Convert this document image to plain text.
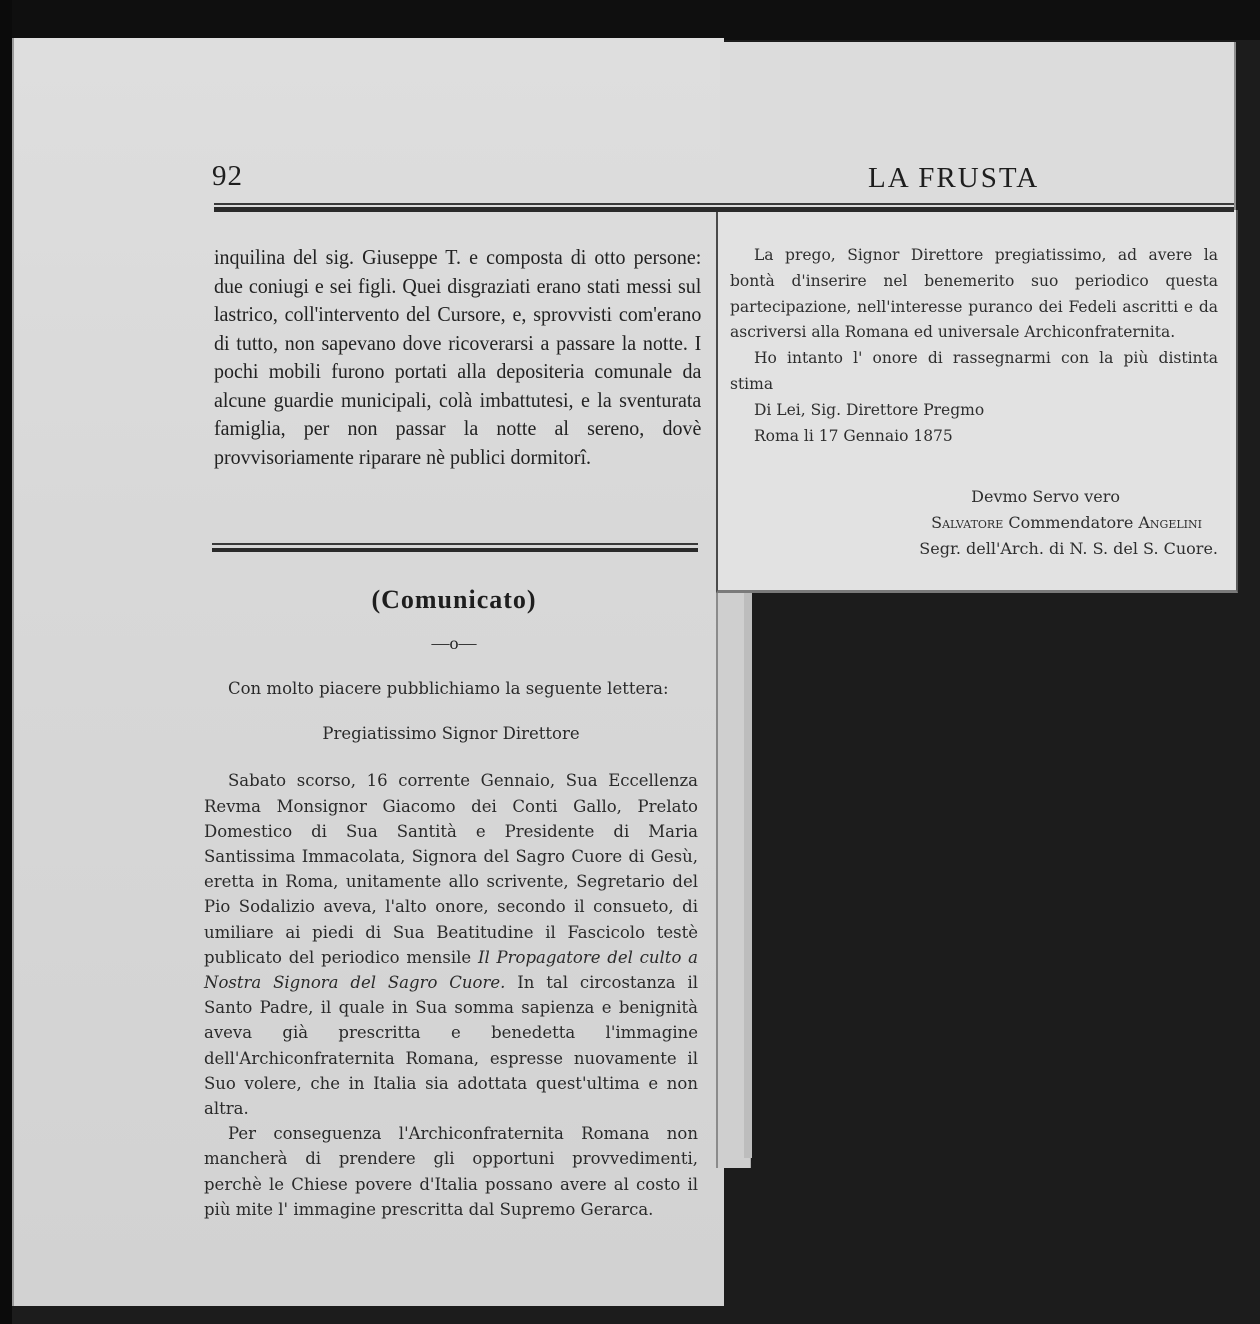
92	LA FRUSTA
inquilina del sig. Giuseppe T. e composta di otto persone: due coniugi e sei figli. Quei disgraziati erano stati messi sul lastrico, coll'intervento del Cursore, e, sprovvisti com'erano di tutto, non sapevano dove ricoverarsi a passare la notte. I pochi mobili furono portati alla depositeria comunale da alcune guardie municipali, colà imbattutesi, e la sventurata famiglia, per non passar la notte al sereno, dovè provvisoriamente riparare nè publici dormitorî.
(Comunicato)
—o—

Con molto piacere pubblichiamo la seguente lettera:

Pregiatissimo Signor Direttore

Sabato scorso, 16 corrente Gennaio, Sua Eccellenza Revma Monsignor Giacomo dei Conti Gallo, Prelato Domestico di Sua Santità e Presidente di Maria Santissima Immacolata, Signora del Sagro Cuore di Gesù, eretta in Roma, unitamente allo scrivente, Segretario del Pio Sodalizio aveva, l'alto onore, secondo il consueto, di umiliare ai piedi di Sua Beatitudine il Fascicolo testè publicato del periodico mensile Il Propagatore del culto a Nostra Signora del Sagro Cuore. In tal circostanza il Santo Padre, il quale in Sua somma sapienza e benignità aveva già prescritta e benedetta l'immagine dell'Archiconfraternita Romana, espresse nuovamente il Suo volere, che in Italia sia adottata quest'ultima e non altra.

Per conseguenza l'Archiconfraternita Romana non mancherà di prendere gli opportuni provvedimenti, perchè le Chiese povere d'Italia possano avere al costo il più mite l' immagine prescritta dal Supremo Gerarca.

La prego, Signor Direttore pregiatissimo, ad avere la bontà d'inserire nel benemerito suo periodico questa partecipazione, nell'interesse puranco dei Fedeli ascritti e da ascriversi alla Romana ed universale Archiconfraternita.

Ho intanto l' onore di rassegnarmi con la più distinta stima

Di Lei, Sig. Direttore Pregmo

Roma li 17 Gennaio 1875

Devmo Servo vero
Salvatore Commendatore Angelini
Segr. dell'Arch. di N. S. del S. Cuore.
